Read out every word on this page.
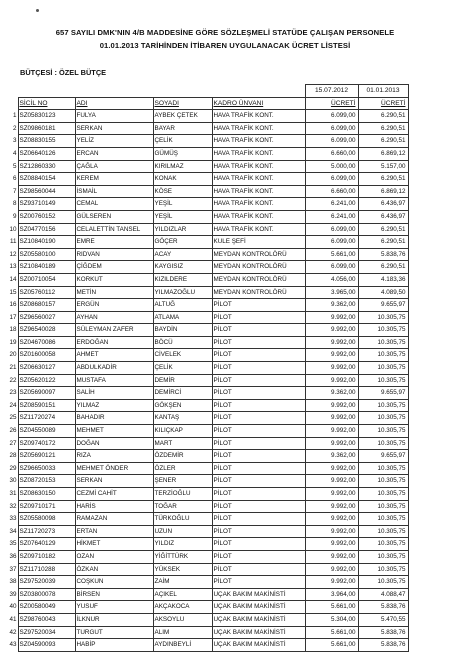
657 SAYILI DMK'NIN 4/B MADDESİNE GÖRE SÖZLEŞMELİ STATÜDE ÇALIŞAN PERSONELE
01.01.2013 TARİHİNDEN İTİBAREN UYGULANACAK ÜCRET LİSTESİ
BÜTÇESİ : ÖZEL BÜTÇE
					15.07.2012	01.01.2013
	SİCİL NO	ADI	SOYADI	KADRO ÜNVANI	ÜCRETİ	ÜCRETİ
1	SZ05830123	FULYA	AYBEK ÇETEK	HAVA TRAFİK KONT.	6.099,00	6.290,51
2	SZ09860181	SERKAN	BAYAR	HAVA TRAFİK KONT.	6.099,00	6.290,51
3	SZ08830155	YELİZ	ÇELİK	HAVA TRAFİK KONT.	6.099,00	6.290,51
4	SZ06640126	ERCAN	GÜMÜŞ	HAVA TRAFİK KONT.	6.660,00	6.869,12
5	SZ12860330	ÇAĞLA	KIRILMAZ	HAVA TRAFİK KONT.	5.000,00	5.157,00
6	SZ08840154	KEREM	KONAK	HAVA TRAFİK KONT.	6.099,00	6.290,51
7	SZ98560044	İSMAİL	KÖSE	HAVA TRAFİK KONT.	6.660,00	6.869,12
8	SZ93710149	CEMAL	YEŞİL	HAVA TRAFİK KONT.	6.241,00	6.436,97
9	SZ00760152	GÜLSEREN	YEŞİL	HAVA TRAFİK KONT.	6.241,00	6.436,97
10	SZ04770156	CELALETTİN TANSEL	YILDIZLAR	HAVA TRAFİK KONT.	6.099,00	6.290,51
11	SZ10840190	EMRE	GÖÇER	KULE ŞEFİ	6.099,00	6.290,51
12	SZ05580100	RIDVAN	ACAY	MEYDAN KONTROLÖRÜ	5.661,00	5.838,76
13	SZ10840189	ÇİĞDEM	KAYGISIZ	MEYDAN KONTROLÖRÜ	6.099,00	6.290,51
14	SZ00710054	KORKUT	KIZILDERE	MEYDAN KONTROLÖRÜ	4.056,00	4.183,36
15	SZ05760112	METİN	YILMAZOĞLU	MEYDAN KONTROLÖRÜ	3.965,00	4.089,50
16	SZ08680157	ERGÜN	ALTUĞ	PİLOT	9.362,00	9.655,97
17	SZ96560027	AYHAN	ATLAMA	PİLOT	9.992,00	10.305,75
18	SZ96540028	SÜLEYMAN ZAFER	BAYDİN	PİLOT	9.992,00	10.305,75
19	SZ04670086	ERDOĞAN	BÖCÜ	PİLOT	9.992,00	10.305,75
20	SZ01600058	AHMET	CİVELEK	PİLOT	9.992,00	10.305,75
21	SZ06630127	ABDULKADİR	ÇELİK	PİLOT	9.992,00	10.305,75
22	SZ05620122	MUSTAFA	DEMİR	PİLOT	9.992,00	10.305,75
23	SZ05690097	SALİH	DEMİRCİ	PİLOT	9.362,00	9.655,97
24	SZ08590151	YILMAZ	GÖKŞEN	PİLOT	9.992,00	10.305,75
25	SZ11720274	BAHADIR	KANTAŞ	PİLOT	9.992,00	10.305,75
26	SZ04550089	MEHMET	KILIÇKAP	PİLOT	9.992,00	10.305,75
27	SZ09740172	DOĞAN	MART	PİLOT	9.992,00	10.305,75
28	SZ05690121	RIZA	ÖZDEMİR	PİLOT	9.362,00	9.655,97
29	SZ96650033	MEHMET ÖNDER	ÖZLER	PİLOT	9.992,00	10.305,75
30	SZ08720153	SERKAN	ŞENER	PİLOT	9.992,00	10.305,75
31	SZ08630150	CEZMİ CAHİT	TERZİOĞLU	PİLOT	9.992,00	10.305,75
32	SZ09710171	HARİS	TOĞAR	PİLOT	9.992,00	10.305,75
33	SZ05580098	RAMAZAN	TÜRKOĞLU	PİLOT	9.992,00	10.305,75
34	SZ11720273	ERTAN	UZUN	PİLOT	9.992,00	10.305,75
35	SZ07640129	HİKMET	YILDIZ	PİLOT	9.992,00	10.305,75
36	SZ09710182	OZAN	YİĞİTTÜRK	PİLOT	9.992,00	10.305,75
37	SZ11710288	ÖZKAN	YÜKSEK	PİLOT	9.992,00	10.305,75
38	SZ97520039	COŞKUN	ZAİM	PİLOT	9.992,00	10.305,75
39	SZ03800078	BİRSEN	AÇIKEL	UÇAK BAKIM MAKİNİSTİ	3.964,00	4.088,47
40	SZ00580049	YUSUF	AKÇAKOCA	UÇAK BAKIM MAKİNİSTİ	5.661,00	5.838,76
41	SZ98760043	İLKNUR	AKSOYLU	UÇAK BAKIM MAKİNİSTİ	5.304,00	5.470,55
42	SZ97520034	TURGUT	ALIM	UÇAK BAKIM MAKİNİSTİ	5.661,00	5.838,76
43	SZ04590093	HABİP	AYDINBEYLİ	UÇAK BAKIM MAKİNİSTİ	5.661,00	5.838,76
